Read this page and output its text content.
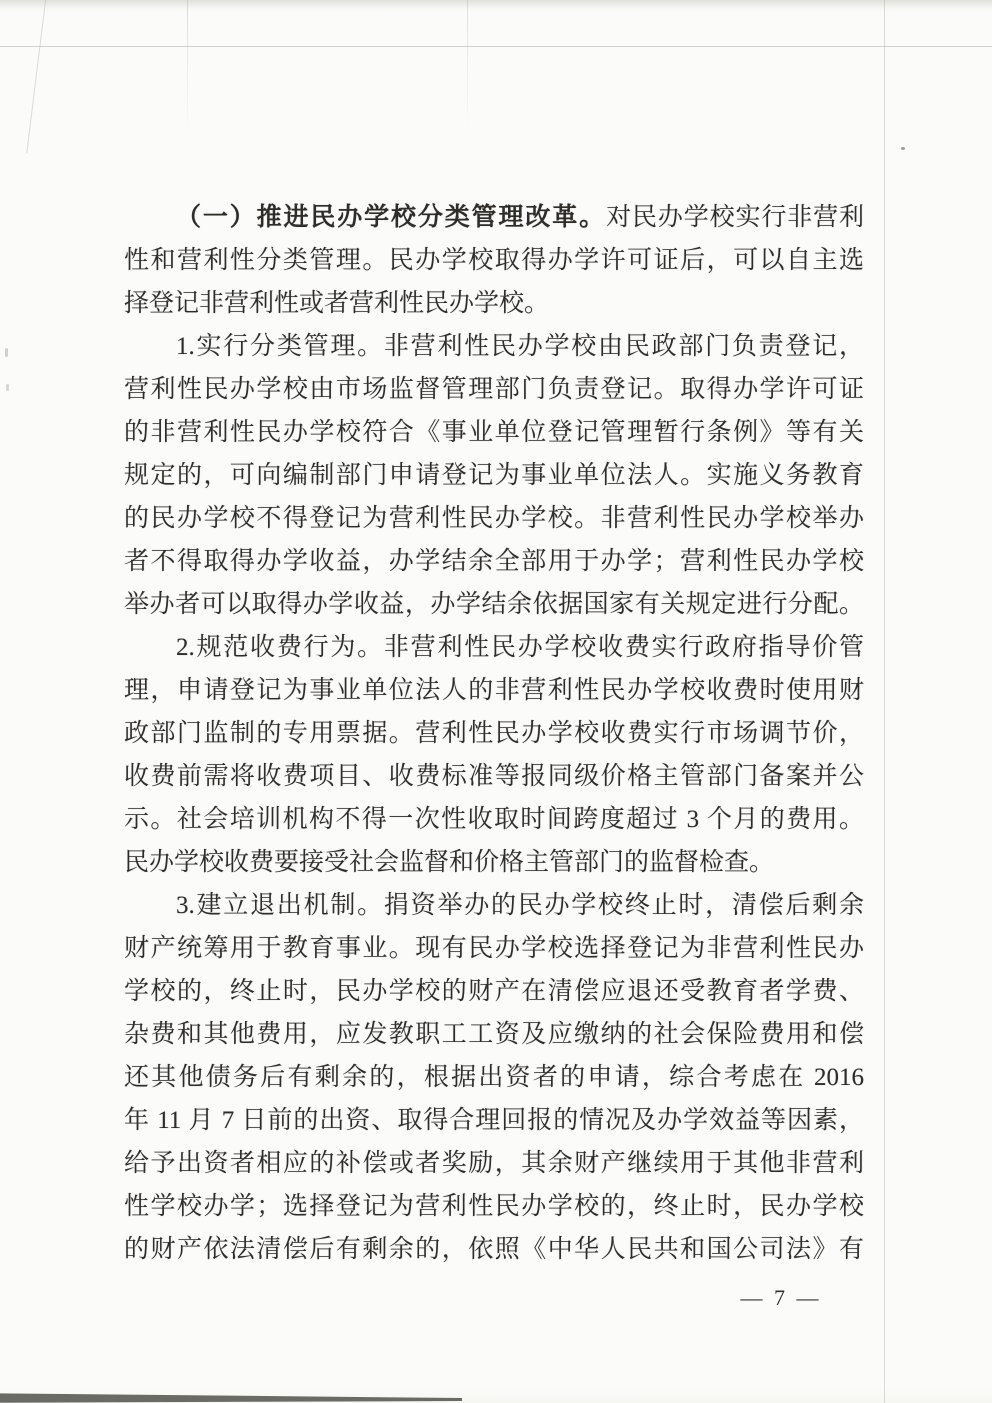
（一）推进民办学校分类管理改革。对民办学校实行非营利
性和营利性分类管理。民办学校取得办学许可证后，可以自主选
择登记非营利性或者营利性民办学校。
1.实行分类管理。非营利性民办学校由民政部门负责登记，
营利性民办学校由市场监督管理部门负责登记。取得办学许可证
的非营利性民办学校符合《事业单位登记管理暂行条例》等有关
规定的，可向编制部门申请登记为事业单位法人。实施义务教育
的民办学校不得登记为营利性民办学校。非营利性民办学校举办
者不得取得办学收益，办学结余全部用于办学；营利性民办学校
举办者可以取得办学收益，办学结余依据国家有关规定进行分配。
2.规范收费行为。非营利性民办学校收费实行政府指导价管
理，申请登记为事业单位法人的非营利性民办学校收费时使用财
政部门监制的专用票据。营利性民办学校收费实行市场调节价，
收费前需将收费项目、收费标准等报同级价格主管部门备案并公
示。社会培训机构不得一次性收取时间跨度超过 3 个月的费用。
民办学校收费要接受社会监督和价格主管部门的监督检查。
3.建立退出机制。捐资举办的民办学校终止时，清偿后剩余
财产统筹用于教育事业。现有民办学校选择登记为非营利性民办
学校的，终止时，民办学校的财产在清偿应退还受教育者学费、
杂费和其他费用，应发教职工工资及应缴纳的社会保险费用和偿
还其他债务后有剩余的，根据出资者的申请，综合考虑在 2016
年 11 月 7 日前的出资、取得合理回报的情况及办学效益等因素，
给予出资者相应的补偿或者奖励，其余财产继续用于其他非营利
性学校办学；选择登记为营利性民办学校的，终止时，民办学校
的财产依法清偿后有剩余的，依照《中华人民共和国公司法》有
— 7 —
